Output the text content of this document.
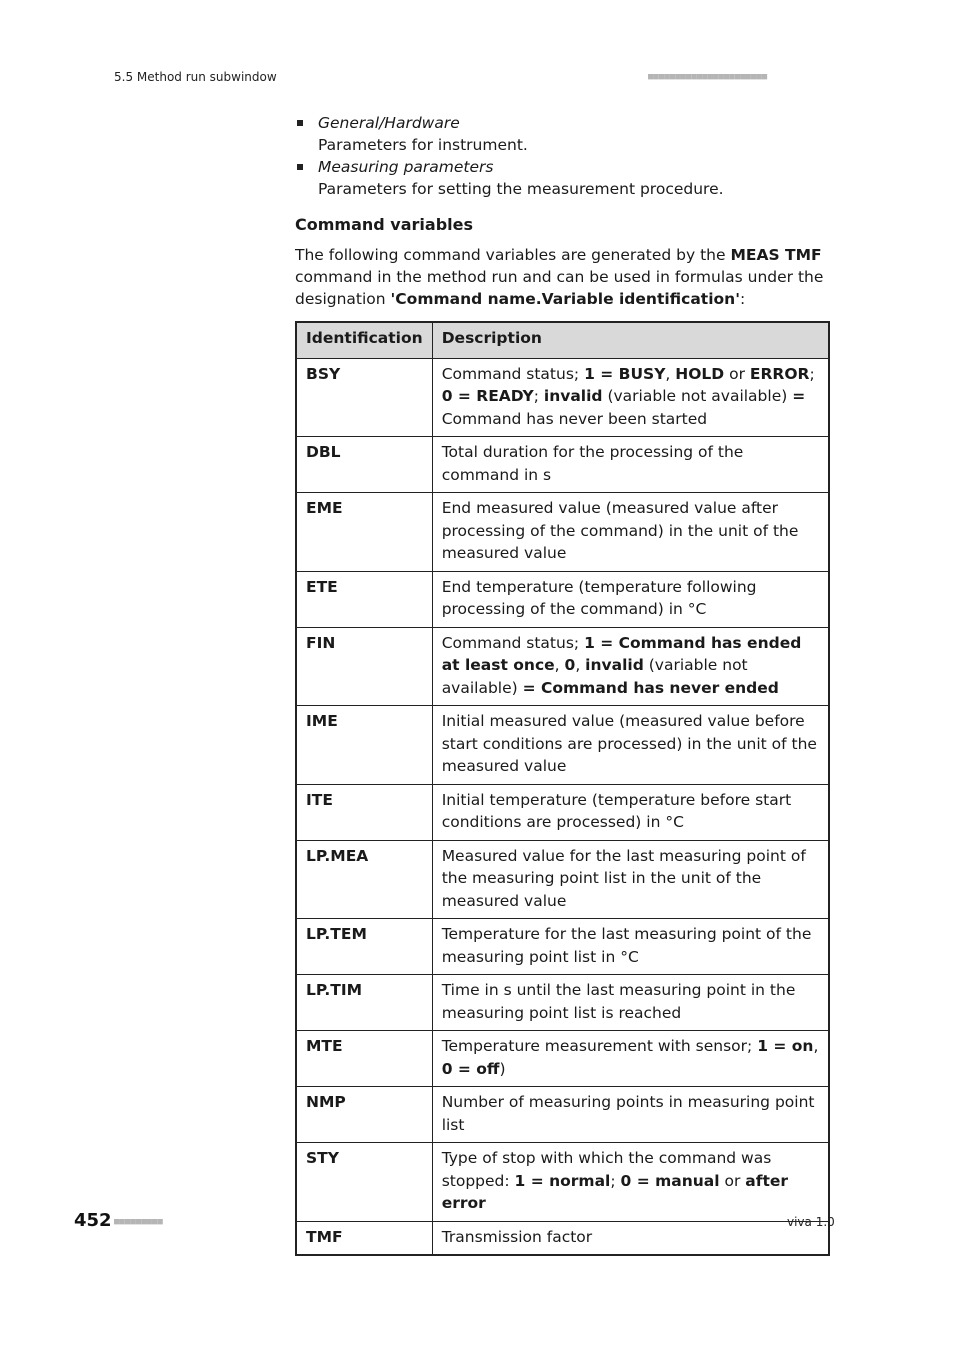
5.5 Method run subwindow	■■■■■■■■■■■■■■■■■■■■■■
General/Hardware
Parameters for instrument.
Measuring parameters
Parameters for setting the measurement procedure.
Command variables

The following command variables are generated by the MEAS TMF command in the method run and can be used in formulas under the designation 'Command name.Variable identification':

Identification	Description
BSY	Command status; 1 = BUSY, HOLD or ERROR; 0 = READY; invalid (variable not available) = Command has never been started
DBL	Total duration for the processing of the command in s
EME	End measured value (measured value after processing of the command) in the unit of the measured value
ETE	End temperature (temperature following processing of the command) in °C
FIN	Command status; 1 = Command has ended at least once, 0, invalid (variable not available) = Command has never ended
IME	Initial measured value (measured value before start conditions are processed) in the unit of the measured value
ITE	Initial temperature (temperature before start conditions are processed) in °C
LP.MEA	Measured value for the last measuring point of the measuring point list in the unit of the measured value
LP.TEM	Temperature for the last measuring point of the measuring point list in °C
LP.TIM	Time in s until the last measuring point in the measuring point list is reached
MTE	Temperature measurement with sensor; 1 = on, 0 = off)
NMP	Number of measuring points in measuring point list
STY	Type of stop with which the command was stopped: 1 = normal; 0 = manual or after error
TMF	Transmission factor
452 ■■■■■■■■■	viva 1.0
